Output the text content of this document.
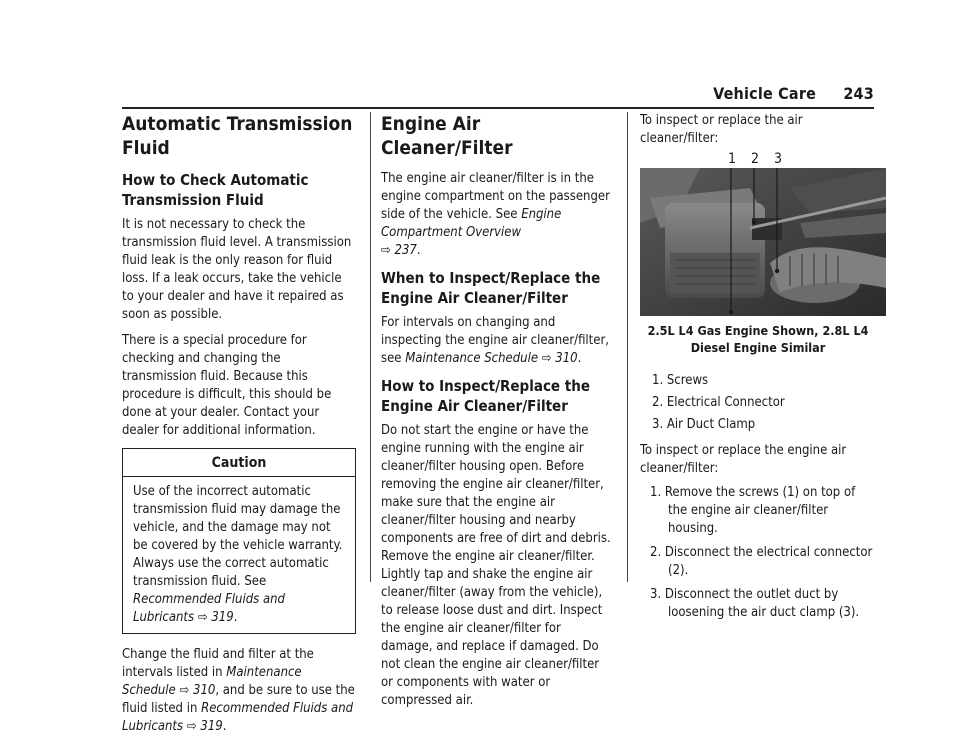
Vehicle Care 243
Automatic Transmission Fluid
How to Check Automatic Transmission Fluid

It is not necessary to check the transmission fluid level. A transmission fluid leak is the only reason for fluid loss. If a leak occurs, take the vehicle to your dealer and have it repaired as soon as possible.

There is a special procedure for checking and changing the transmission fluid. Because this procedure is difficult, this should be done at your dealer. Contact your dealer for additional information.

Caution
Use of the incorrect automatic transmission fluid may damage the vehicle, and the damage may not be covered by the vehicle warranty. Always use the correct automatic transmission fluid. See Recommended Fluids and Lubricants ⇨ 319.

Change the fluid and filter at the intervals listed in Maintenance Schedule ⇨ 310, and be sure to use the fluid listed in Recommended Fluids and Lubricants ⇨ 319.

Engine Air Cleaner/Filter

The engine air cleaner/filter is in the engine compartment on the passenger side of the vehicle. See Engine Compartment Overview
⇨ 237.

When to Inspect/Replace the Engine Air Cleaner/Filter

For intervals on changing and inspecting the engine air cleaner/filter, see Maintenance Schedule ⇨ 310.

How to Inspect/Replace the Engine Air Cleaner/Filter

Do not start the engine or have the engine running with the engine air cleaner/filter housing open. Before removing the engine air cleaner/filter, make sure that the engine air cleaner/filter housing and nearby components are free of dirt and debris. Remove the engine air cleaner/filter. Lightly tap and shake the engine air cleaner/filter (away from the vehicle), to release loose dust and dirt. Inspect the engine air cleaner/filter for damage, and replace if damaged. Do not clean the engine air cleaner/filter or components with water or compressed air.

To inspect or replace the air cleaner/filter:

1 2 3
2.5L L4 Gas Engine Shown, 2.8L L4 Diesel Engine Similar
1. Screws
2. Electrical Connector
3. Air Duct Clamp

To inspect or replace the engine air cleaner/filter:

1. Remove the screws (1) on top of the engine air cleaner/filter housing.
2. Disconnect the electrical connector (2).
3. Disconnect the outlet duct by loosening the air duct clamp (3).
